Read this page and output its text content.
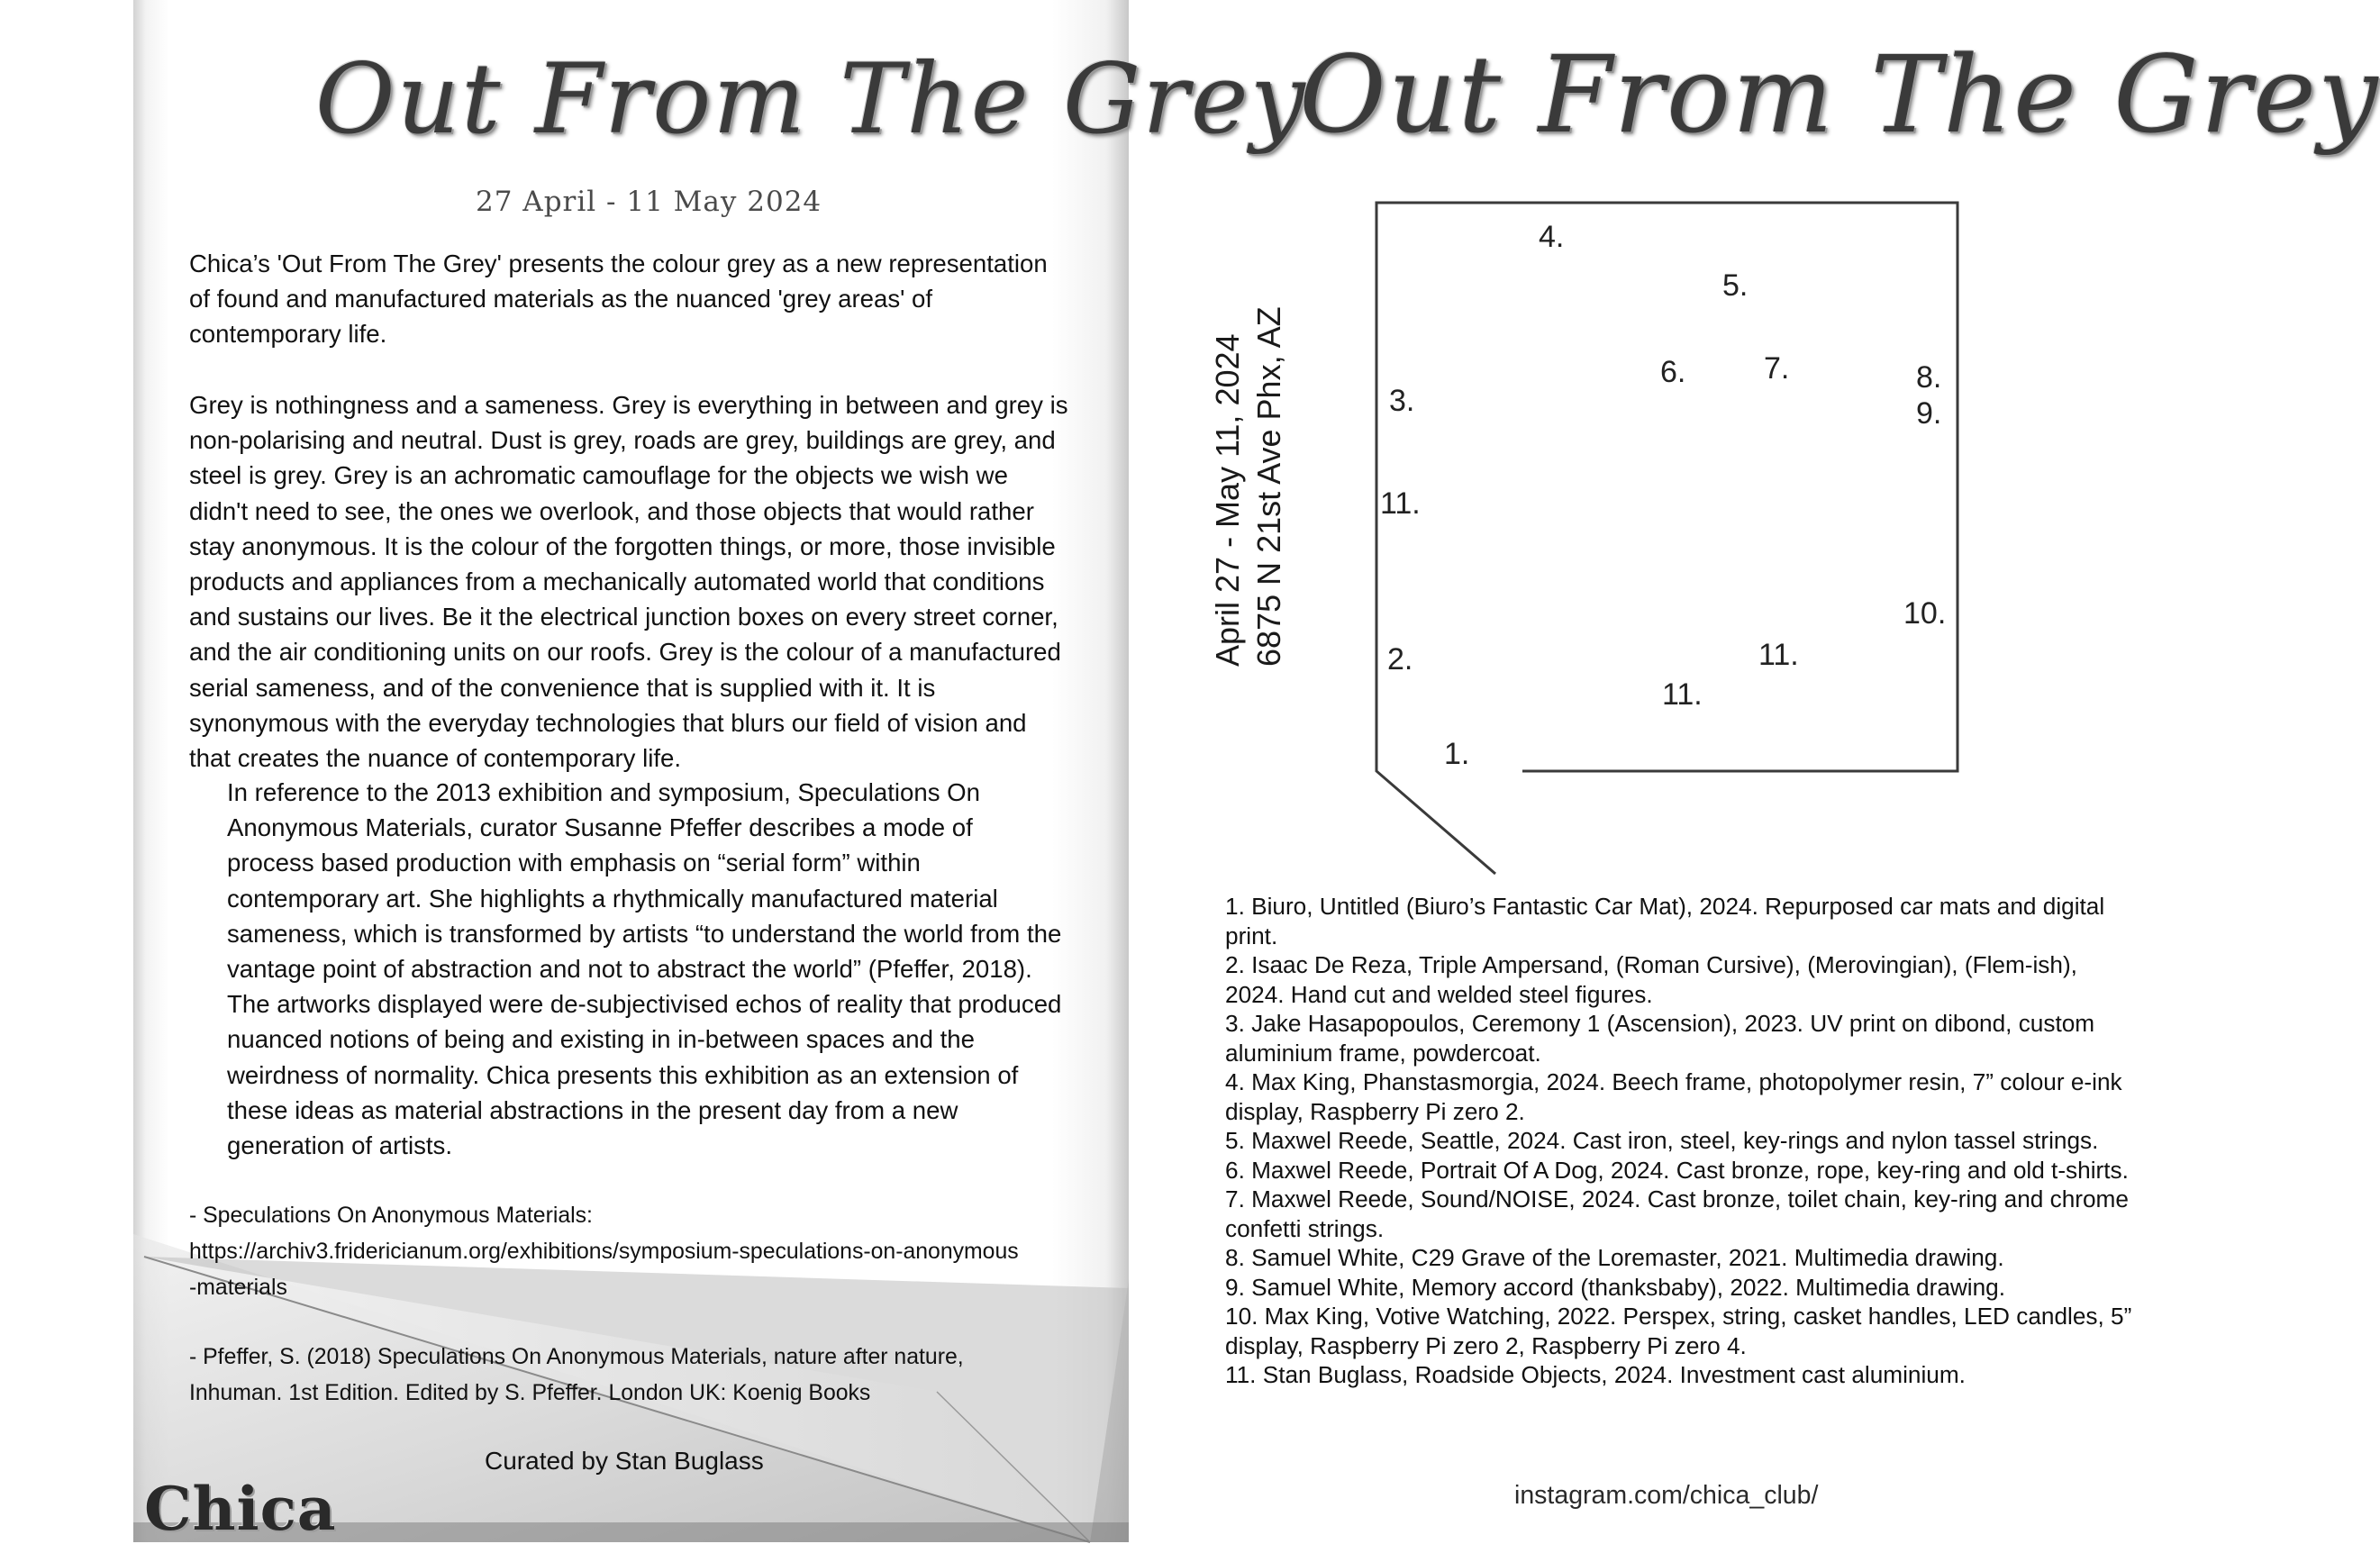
Out From The Grey
27 April - 11 May 2024
Chica’s 'Out From The Grey' presents the colour grey as a new representation of found and manufactured materials as the nuanced 'grey areas' of contemporary life.
Grey is nothingness and a sameness. Grey is everything in between and grey is non-polarising and neutral. Dust is grey, roads are grey, buildings are grey, and steel is grey. Grey is an achromatic camouflage for the objects we wish we didn't need to see, the ones we overlook, and those objects that would rather stay anonymous. It is the colour of the forgotten things, or more, those invisible products and appliances from a mechanically automated world that conditions and sustains our lives. Be it the electrical junction boxes on every street corner, and the air conditioning units on our roofs. Grey is the colour of a manufactured serial sameness, and of the convenience that is supplied with it. It is synonymous with the everyday technologies that blurs our field of vision and that creates the nuance of contemporary life.
In reference to the 2013 exhibition and symposium, Speculations On Anonymous Materials, curator Susanne Pfeffer describes a mode of process based production with emphasis on “serial form” within contemporary art. She highlights a rhythmically manufactured material sameness, which is transformed by artists “to understand the world from the vantage point of abstraction and not to abstract the world” (Pfeffer, 2018). The artworks displayed were de-subjectivised echos of reality that produced nuanced notions of being and existing in in-between spaces and the weirdness of normality. Chica presents this exhibition as an extension of these ideas as material abstractions in the present day from a new generation of artists.
- Speculations On Anonymous Materials:
https://archiv3.fridericianum.org/exhibitions/symposium-speculations-on-anonymous
-materials
- Pfeffer, S. (2018) Speculations On Anonymous Materials, nature after nature,
Inhuman. 1st Edition. Edited by S. Pfeffer. London UK: Koenig Books
Curated by Stan Buglass
Chica
Out From The Grey
April 27 - May 11, 2024 6875 N 21st Ave Phx, AZ
4.
5.
6.	7.	8.
9.
3.
11.
10.
2.	11.
11.
1.
1. Biuro, Untitled (Biuro’s Fantastic Car Mat), 2024. Repurposed car mats and digital print.
2. Isaac De Reza, Triple Ampersand, (Roman Cursive), (Merovingian), (Flem-ish), 2024. Hand cut and welded steel figures.
3. Jake Hasapopoulos, Ceremony 1 (Ascension), 2023. UV print on dibond, custom aluminium frame, powdercoat.
4. Max King, Phanstasmorgia, 2024. Beech frame, photopolymer resin, 7” colour e-ink display, Raspberry Pi zero 2.
5. Maxwel Reede, Seattle, 2024. Cast iron, steel, key-rings and nylon tassel strings.
6. Maxwel Reede, Portrait Of A Dog, 2024. Cast bronze, rope, key-ring and old t-shirts.
7. Maxwel Reede, Sound/NOISE, 2024. Cast bronze, toilet chain, key-ring and chrome confetti strings.
8. Samuel White, C29 Grave of the Loremaster, 2021. Multimedia drawing.
9. Samuel White, Memory accord (thanksbaby), 2022. Multimedia drawing.
10. Max King, Votive Watching, 2022. Perspex, string, casket handles, LED candles, 5” display, Raspberry Pi zero 2, Raspberry Pi zero 4.
11. Stan Buglass, Roadside Objects, 2024. Investment cast aluminium.
instagram.com/chica_club/
